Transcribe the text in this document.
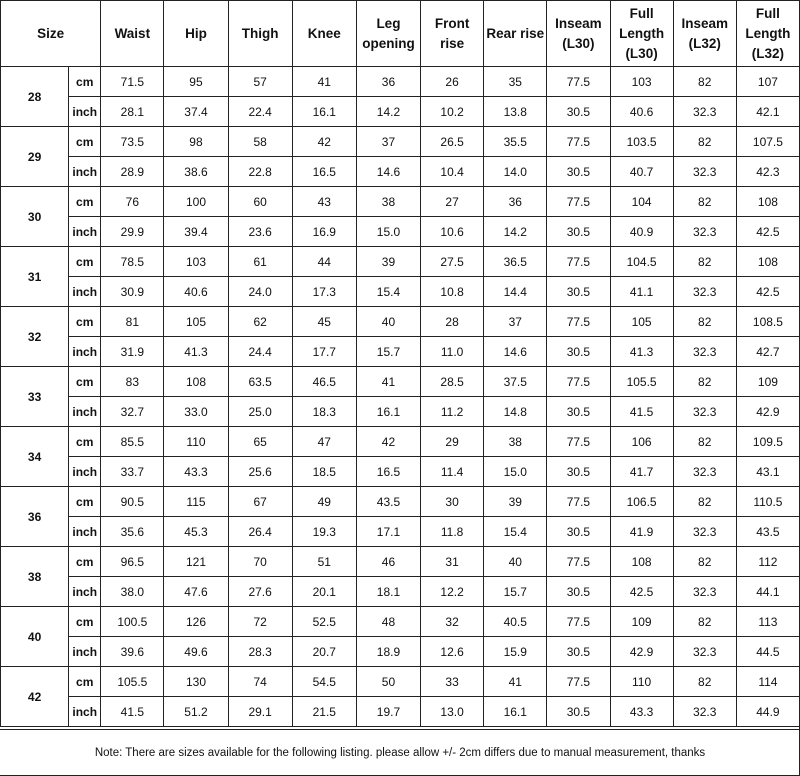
Size		Waist	Hip	Thigh	Knee	Leg opening	Front rise	Rear rise	Inseam (L30)	Full Length (L30)	Inseam (L32)	Full Length (L32)
28	cm	71.5	95	57	41	36	26	35	77.5	103	82	107
	inch	28.1	37.4	22.4	16.1	14.2	10.2	13.8	30.5	40.6	32.3	42.1
29	cm	73.5	98	58	42	37	26.5	35.5	77.5	103.5	82	107.5
	inch	28.9	38.6	22.8	16.5	14.6	10.4	14.0	30.5	40.7	32.3	42.3
30	cm	76	100	60	43	38	27	36	77.5	104	82	108
	inch	29.9	39.4	23.6	16.9	15.0	10.6	14.2	30.5	40.9	32.3	42.5
31	cm	78.5	103	61	44	39	27.5	36.5	77.5	104.5	82	108
	inch	30.9	40.6	24.0	17.3	15.4	10.8	14.4	30.5	41.1	32.3	42.5
32	cm	81	105	62	45	40	28	37	77.5	105	82	108.5
	inch	31.9	41.3	24.4	17.7	15.7	11.0	14.6	30.5	41.3	32.3	42.7
33	cm	83	108	63.5	46.5	41	28.5	37.5	77.5	105.5	82	109
	inch	32.7	33.0	25.0	18.3	16.1	11.2	14.8	30.5	41.5	32.3	42.9
34	cm	85.5	110	65	47	42	29	38	77.5	106	82	109.5
	inch	33.7	43.3	25.6	18.5	16.5	11.4	15.0	30.5	41.7	32.3	43.1
36	cm	90.5	115	67	49	43.5	30	39	77.5	106.5	82	110.5
	inch	35.6	45.3	26.4	19.3	17.1	11.8	15.4	30.5	41.9	32.3	43.5
38	cm	96.5	121	70	51	46	31	40	77.5	108	82	112
	inch	38.0	47.6	27.6	20.1	18.1	12.2	15.7	30.5	42.5	32.3	44.1
40	cm	100.5	126	72	52.5	48	32	40.5	77.5	109	82	113
	inch	39.6	49.6	28.3	20.7	18.9	12.6	15.9	30.5	42.9	32.3	44.5
42	cm	105.5	130	74	54.5	50	33	41	77.5	110	82	114
	inch	41.5	51.2	29.1	21.5	19.7	13.0	16.1	30.5	43.3	32.3	44.9
Note: There are sizes available for the following listing. please allow +/- 2cm differs due to manual measurement, thanks
